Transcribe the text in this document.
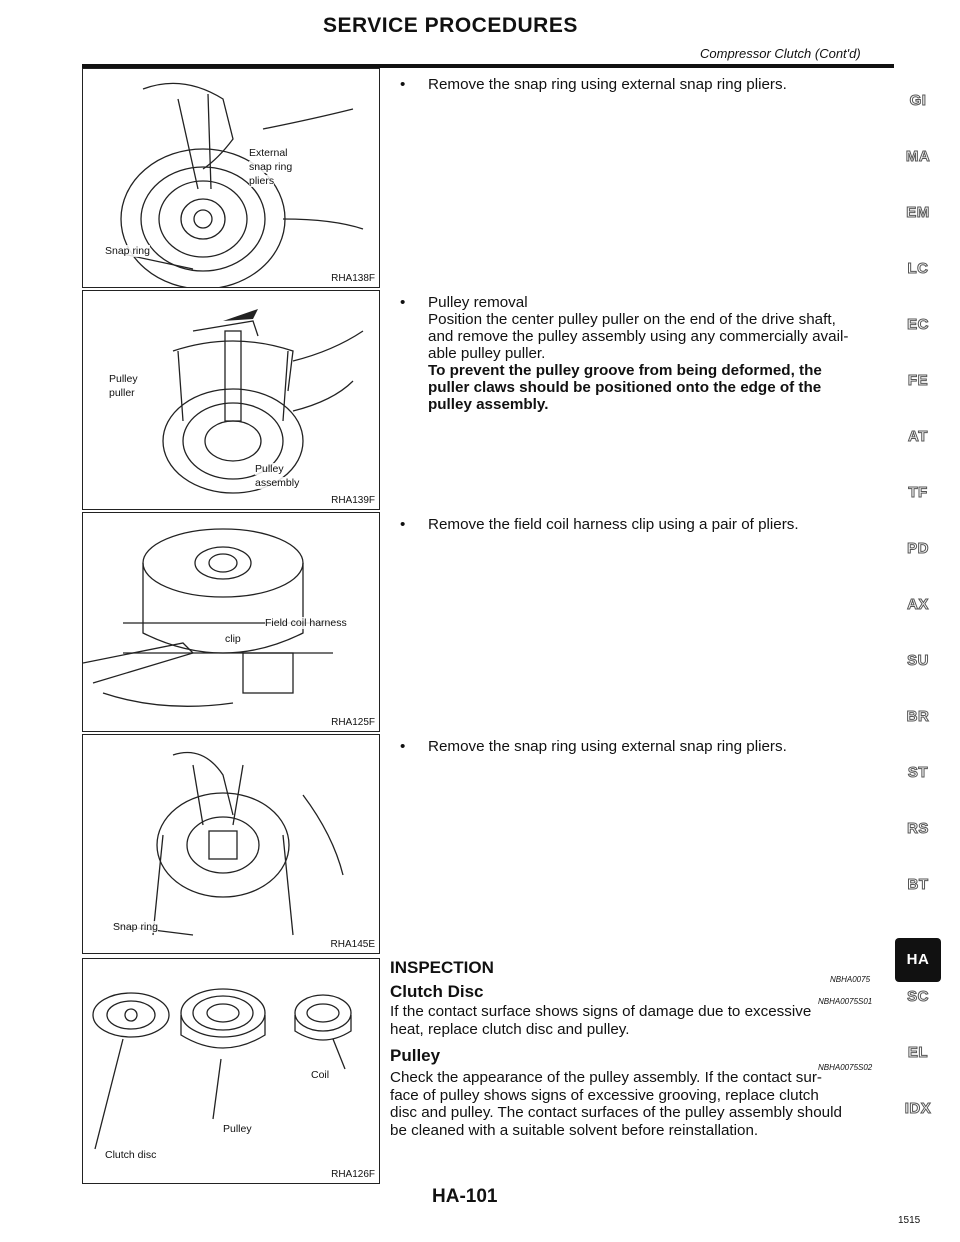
SERVICE PROCEDURES
Compressor Clutch (Cont'd)
External
snap ring
pliers
Snap ring
RHA138F
Pulley
puller
Pulley
assembly
RHA139F
Field coil harness
clip
RHA125F
Snap ring
RHA145E
Coil
Pulley
Clutch disc
RHA126F
• Remove the snap ring using external snap ring pliers.
• Pulley removal
Position the center pulley puller on the end of the drive shaft,
and remove the pulley assembly using any commercially avail-
able pulley puller.
To prevent the pulley groove from being deformed, the
puller claws should be positioned onto the edge of the
pulley assembly.
• Remove the field coil harness clip using a pair of pliers.
• Remove the snap ring using external snap ring pliers.
INSPECTION
NBHA0075
Clutch Disc
NBHA0075S01
If the contact surface shows signs of damage due to excessive
heat, replace clutch disc and pulley.
Pulley
NBHA0075S02
Check the appearance of the pulley assembly. If the contact sur-
face of pulley shows signs of excessive grooving, replace clutch
disc and pulley. The contact surfaces of the pulley assembly should
be cleaned with a suitable solvent before reinstallation.
GI
MA
EM
LC
EC
FE
AT
TF
PD
AX
SU
BR
ST
RS
BT
HA
SC
EL
IDX
HA-101
1515
